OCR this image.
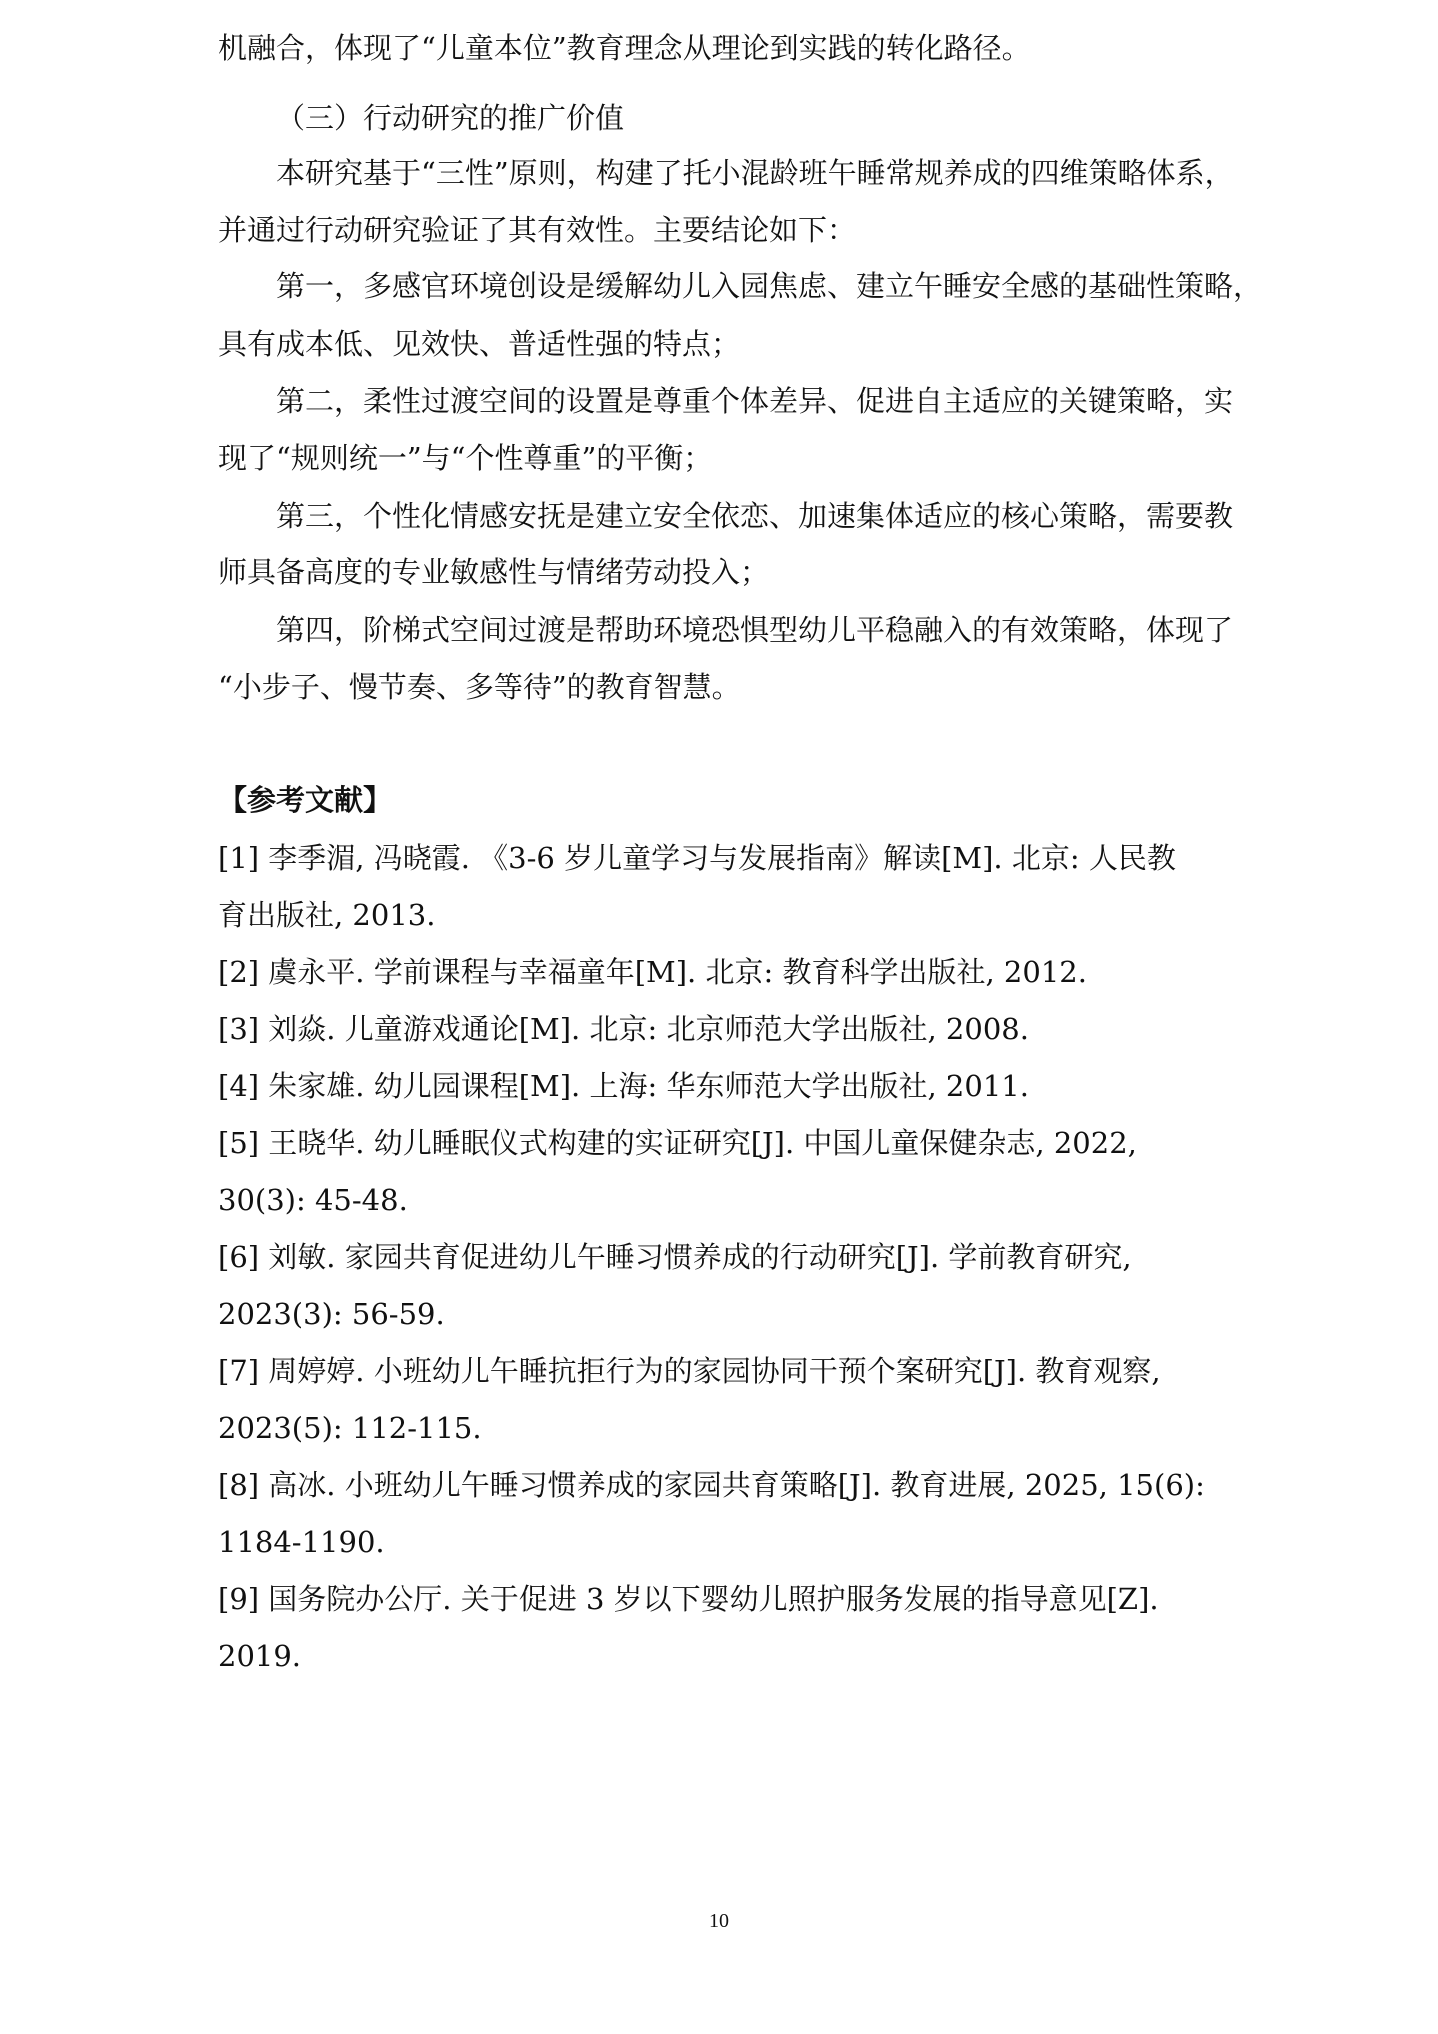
机融合，体现了“儿童本位”教育理念从理论到实践的转化路径。
（三）行动研究的推广价值
本研究基于“三性”原则，构建了托小混龄班午睡常规养成的四维策略体系，
并通过行动研究验证了其有效性。主要结论如下：
第一，多感官环境创设是缓解幼儿入园焦虑、建立午睡安全感的基础性策略，
具有成本低、见效快、普适性强的特点；
第二，柔性过渡空间的设置是尊重个体差异、促进自主适应的关键策略，实
现了“规则统一”与“个性尊重”的平衡；
第三，个性化情感安抚是建立安全依恋、加速集体适应的核心策略，需要教
师具备高度的专业敏感性与情绪劳动投入；
第四，阶梯式空间过渡是帮助环境恐惧型幼儿平稳融入的有效策略，体现了
“小步子、慢节奏、多等待”的教育智慧。
【参考文献】
[1] 李季湄, 冯晓霞. 《3-6 岁儿童学习与发展指南》解读[M]. 北京: 人民教
育出版社, 2013.
[2] 虞永平. 学前课程与幸福童年[M]. 北京: 教育科学出版社, 2012.
[3] 刘焱. 儿童游戏通论[M]. 北京: 北京师范大学出版社, 2008.
[4] 朱家雄. 幼儿园课程[M]. 上海: 华东师范大学出版社, 2011.
[5] 王晓华. 幼儿睡眠仪式构建的实证研究[J]. 中国儿童保健杂志, 2022,
30(3): 45-48.
[6] 刘敏. 家园共育促进幼儿午睡习惯养成的行动研究[J]. 学前教育研究,
2023(3): 56-59.
[7] 周婷婷. 小班幼儿午睡抗拒行为的家园协同干预个案研究[J]. 教育观察,
2023(5): 112-115.
[8] 高冰. 小班幼儿午睡习惯养成的家园共育策略[J]. 教育进展, 2025, 15(6):
1184-1190.
[9] 国务院办公厅. 关于促进 3 岁以下婴幼儿照护服务发展的指导意见[Z].
2019.
10
